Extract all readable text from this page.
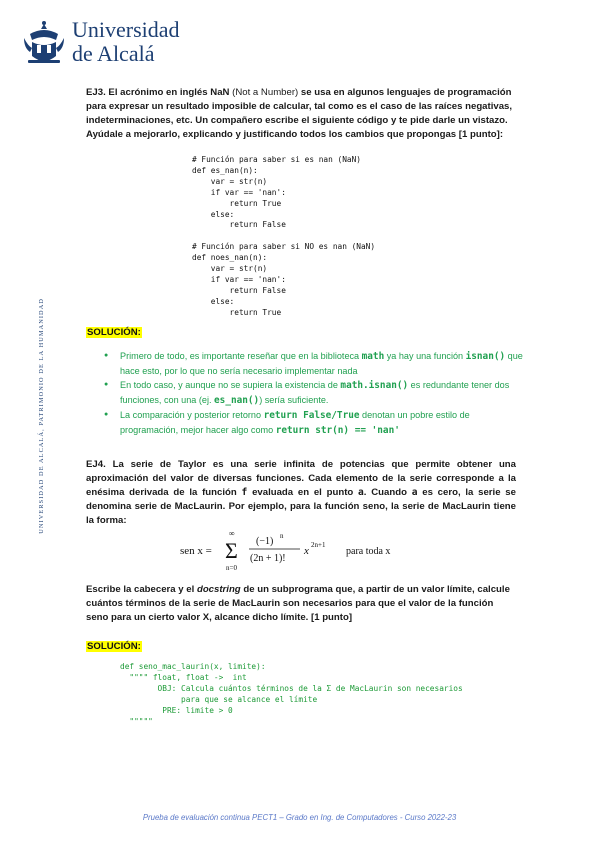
Universidad
de Alcalá
UNIVERSIDAD DE ALCALÁ, PATRIMONIO DE LA HUMANIDAD
EJ3. El acrónimo en inglés NaN (Not a Number) se usa en algunos lenguajes de programación para expresar un resultado imposible de calcular, tal como es el caso de las raíces negativas, indeterminaciones, etc. Un compañero escribe el siguiente código y te pide darle un vistazo. Ayúdale a mejorarlo, explicando y justificando todos los cambios que propongas [1 punto]:
# Función para saber si es nan (NaN)
def es_nan(n):
var = str(n)
if var == 'nan':
return True
else:
return False

# Función para saber si NO es nan (NaN)
def noes_nan(n):
var = str(n)
if var == 'nan':
return False
else:
return True
SOLUCIÓN:
● Primero de todo, es importante reseñar que en la biblioteca math ya hay una función isnan() que hace esto, por lo que no sería necesario implementar nada
● En todo caso, y aunque no se supiera la existencia de math.isnan() es redundante tener dos funciones, con una (ej. es_nan()) sería suficiente.
● La comparación y posterior retorno return False/True denotan un pobre estilo de programación, mejor hacer algo como return str(n) == 'nan'
EJ4. La serie de Taylor es una serie infinita de potencias que permite obtener una aproximación del valor de diversas funciones. Cada elemento de la serie corresponde a la enésima derivada de la función f evaluada en el punto a. Cuando a es cero, la serie se denomina serie de MacLaurin. Por ejemplo, para la función seno, la serie de MacLaurin tiene la forma:
sen x =
∞
Σ
n=0
(−1) n
(2n + 1)!
x 2n+1
para toda x
Escribe la cabecera y el docstring de un subprograma que, a partir de un valor límite, calcule cuántos términos de la serie de MacLaurin son necesarios para que el valor de la función seno para un cierto valor X, alcance dicho límite. [1 punto]
SOLUCIÓN:
def seno_mac_laurin(x, limite):
"""" float, float ->  int
OBJ: Calcula cuántos términos de la Σ de MacLaurin son necesarios
para que se alcance el límite
PRE: limite > 0
"""""
Prueba de evaluación continua PECT1 – Grado en Ing. de Computadores - Curso 2022-23
